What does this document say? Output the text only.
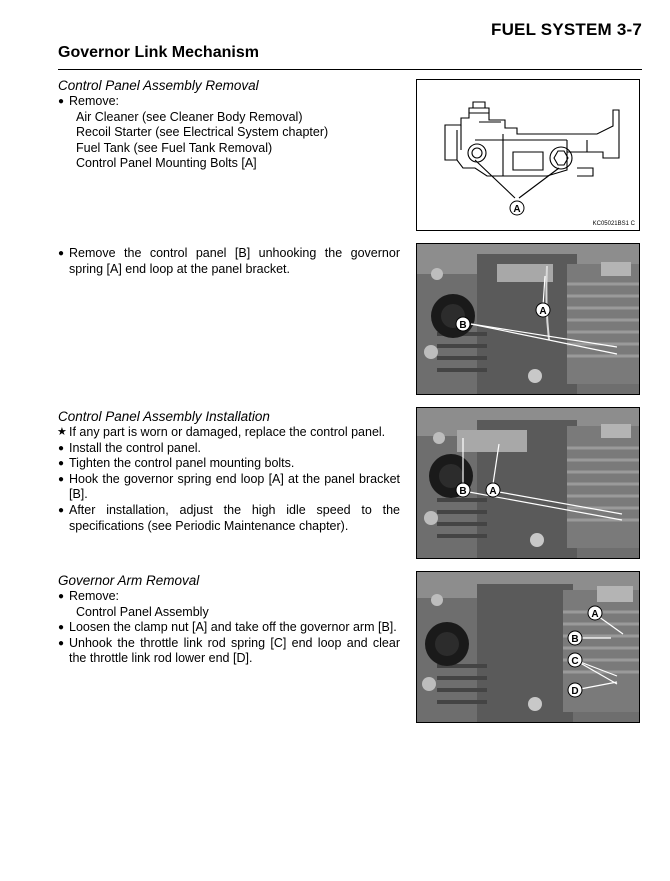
FUEL SYSTEM 3-7
Governor Link Mechanism
Control Panel Assembly Removal
● Remove:
Air Cleaner (see Cleaner Body Removal)
Recoil Starter (see Electrical System chapter)
Fuel Tank (see Fuel Tank Removal)
Control Panel Mounting Bolts [A]
● Remove the control panel [B] unhooking the governor spring [A] end loop at the panel bracket.
Control Panel Assembly Installation
★ If any part is worn or damaged, replace the control panel.
● Install the control panel.
● Tighten the control panel mounting bolts.
● Hook the governor spring end loop [A] at the panel bracket [B].
● After installation, adjust the high idle speed to the specifications (see Periodic Maintenance chapter).
Governor Arm Removal
● Remove:
Control Panel Assembly
● Loosen the clamp nut [A] and take off the governor arm [B].
● Unhook the throttle link rod spring [C] end loop and clear the throttle link rod lower end [D].
A
KC05021BS1 C
A
B
B A
A
B
C
D
